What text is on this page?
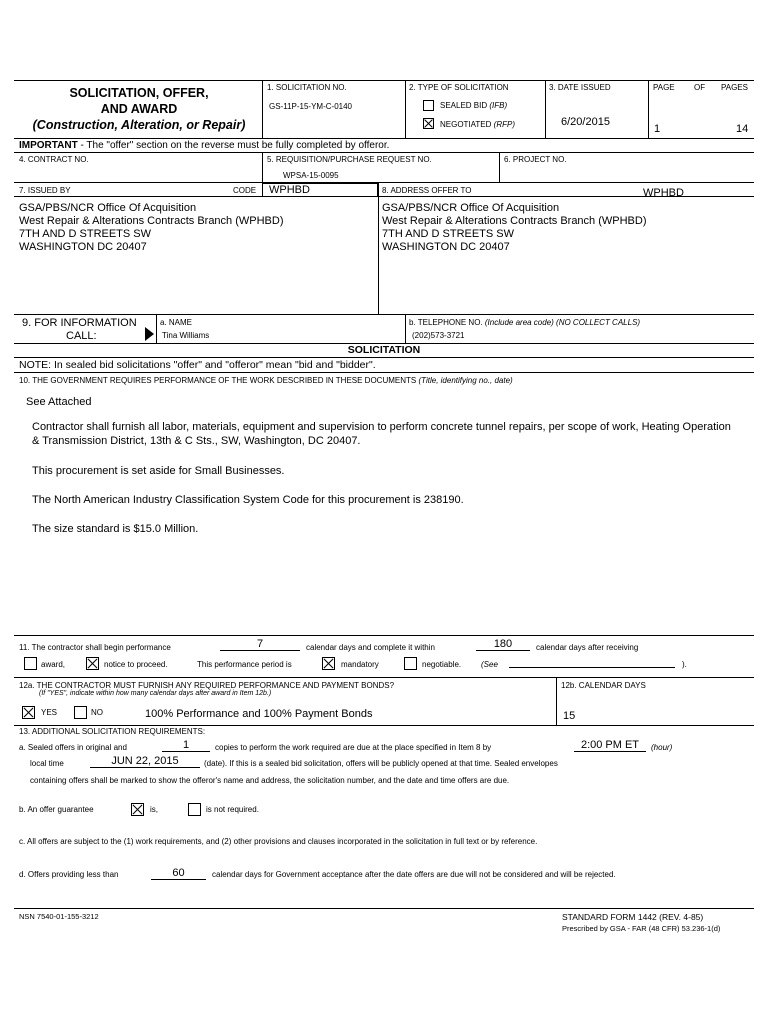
SOLICITATION, OFFER,
AND AWARD
(Construction, Alteration, or Repair)
1. SOLICITATION NO.
GS-11P-15-YM-C-0140
2. TYPE OF SOLICITATION
SEALED BID (IFB)
NEGOTIATED (RFP)
3. DATE ISSUED
6/20/2015
PAGE OF PAGES
1	14
IMPORTANT - The "offer" section on the reverse must be fully completed by offeror.
4. CONTRACT NO.	5. REQUISITION/PURCHASE REQUEST NO.
WPSA-15-0095
6. PROJECT NO.
7. ISSUED BY	CODE WPHBD	8. ADDRESS OFFER TO	WPHBD
GSA/PBS/NCR Office Of Acquisition
West Repair & Alterations Contracts Branch (WPHBD)
7TH AND D STREETS SW
WASHINGTON DC 20407
GSA/PBS/NCR Office Of Acquisition
West Repair & Alterations Contracts Branch (WPHBD)
7TH AND D STREETS SW
WASHINGTON DC 20407
9. FOR INFORMATION
CALL:
a. NAME
Tina Williams
b. TELEPHONE NO. (Include area code) (NO COLLECT CALLS)
(202)573-3721
SOLICITATION
NOTE: In sealed bid solicitations "offer" and "offeror" mean "bid and "bidder".
10. THE GOVERNMENT REQUIRES PERFORMANCE OF THE WORK DESCRIBED IN THESE DOCUMENTS (Title, identifying no., date)
See Attached
Contractor shall furnish all labor, materials, equipment and supervision to perform concrete tunnel repairs, per scope of work, Heating Operation & Transmission District, 13th & C Sts., SW, Washington, DC 20407.
This procurement is set aside for Small Businesses.
The North American Industry Classification System Code for this procurement is 238190.
The size standard is $15.0 Million.
11. The contractor shall begin performance	7	calendar days and complete it within	180	calendar days after receiving
award,	notice to proceed.	This performance period is	mandatory	negotiable. (See	).
12a. THE CONTRACTOR MUST FURNISH ANY REQUIRED PERFORMANCE AND PAYMENT BONDS?
(If "YES", indicate within how many calendar days after award in Item 12b.)
YES	NO	100% Performance and 100% Payment Bonds
12b. CALENDAR DAYS
15
13. ADDITIONAL SOLICITATION REQUIREMENTS:
a. Sealed offers in original and	1	copies to perform the work required are due at the place specified in Item 8 by	2:00 PM ET	(hour)
local time	JUN 22, 2015	(date). If this is a sealed bid solicitation, offers will be publicly opened at that time. Sealed envelopes
containing offers shall be marked to show the offeror's name and address, the solicitation number, and the date and time offers are due.
b. An offer guarantee	is,	is not required.
c. All offers are subject to the (1) work requirements, and (2) other provisions and clauses incorporated in the solicitation in full text or by reference.
d. Offers providing less than	60	calendar days for Government acceptance after the date offers are due will not be considered and will be rejected.
NSN 7540-01-155-3212	STANDARD FORM 1442 (REV. 4-85)
Prescribed by GSA - FAR (48 CFR) 53.236-1(d)
